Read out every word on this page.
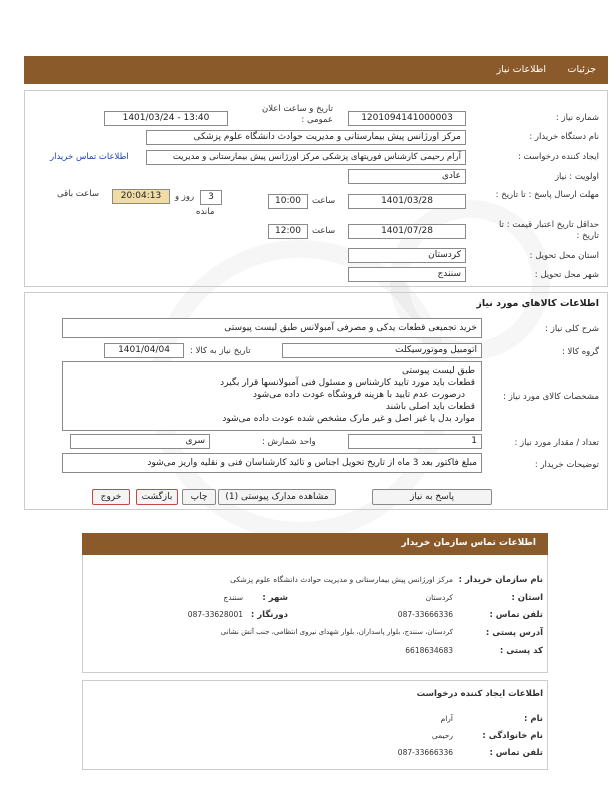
جزئیات
اطلاعات نیاز
شماره نیاز :
1201094141000003
تاریخ و ساعت اعلان عمومی :
1401/03/24 - 13:40
نام دستگاه خریدار :
مرکز اورژانس پیش بیمارستانی و مدیریت حوادث دانشگاه علوم پزشکی
ایجاد کننده درخواست :
آرام رحیمی کارشناس فوریتهای پزشکی مرکز اورژانس پیش بیمارستانی و مدیریت
اطلاعات تماس خریدار
اولویت : نیاز
عادی
مهلت ارسال پاسخ : تا تاریخ :
1401/03/28
ساعت
10:00
روز و	3
20:04:13
ساعت باقی
مانده
حداقل تاریخ اعتبار قیمت : تا تاریخ :
1401/07/28
ساعت
12:00
استان محل تحویل :
کردستان
شهر محل تحویل :
سنندج
اطلاعات کالاهای مورد نیاز
شرح کلی نیاز :
خرید تجمیعی قطعات یدکی و مصرفی آمبولانس طبق لیست پیوستی
گروه کالا :
اتومبیل وموتورسیکلت
تاریخ نیاز به کالا :
1401/04/04
مشخصات کالای مورد نیاز :
طبق لیست پیوستی
قطعات باید مورد تایید کارشناس و مسئول فنی آمبولانسها قرار بگیرد
درصورت عدم تایید با هزینه فروشگاه عودت داده می‌شود
قطعات باید اصلی باشند
موارد بدل یا غیر اصل و غیر مارک مشخص شده عودت داده می‌شود
تعداد / مقدار مورد نیاز :
1
واحد شمارش :
سری
توضیحات خریدار :
مبلغ فاکتور بعد 3 ماه از تاریخ تحویل اجناس و تائید کارشناسان فنی و نقلیه واریز می‌شود
پاسخ به نیاز
مشاهده مدارک پیوستی (1)
چاپ
بازگشت
خروج
اطلاعات تماس سازمان خریدار
نام سازمان خریدار :
مرکز اورژانس پیش بیمارستانی و مدیریت حوادث دانشگاه علوم پزشکی
استان :
کردستان
شهر :
سنندج
تلفن تماس :
087-33666336
دورنگار :
087-33628001
آدرس پستی :
کردستان، سنندج، بلوار پاسداران، بلوار شهدای نیروی انتظامی، جنب آتش نشانی
کد پستی :
6618634683
اطلاعات ایجاد کننده درخواست
نام :
آرام
نام خانوادگی :
رحیمی
تلفن تماس :
087-33666336
